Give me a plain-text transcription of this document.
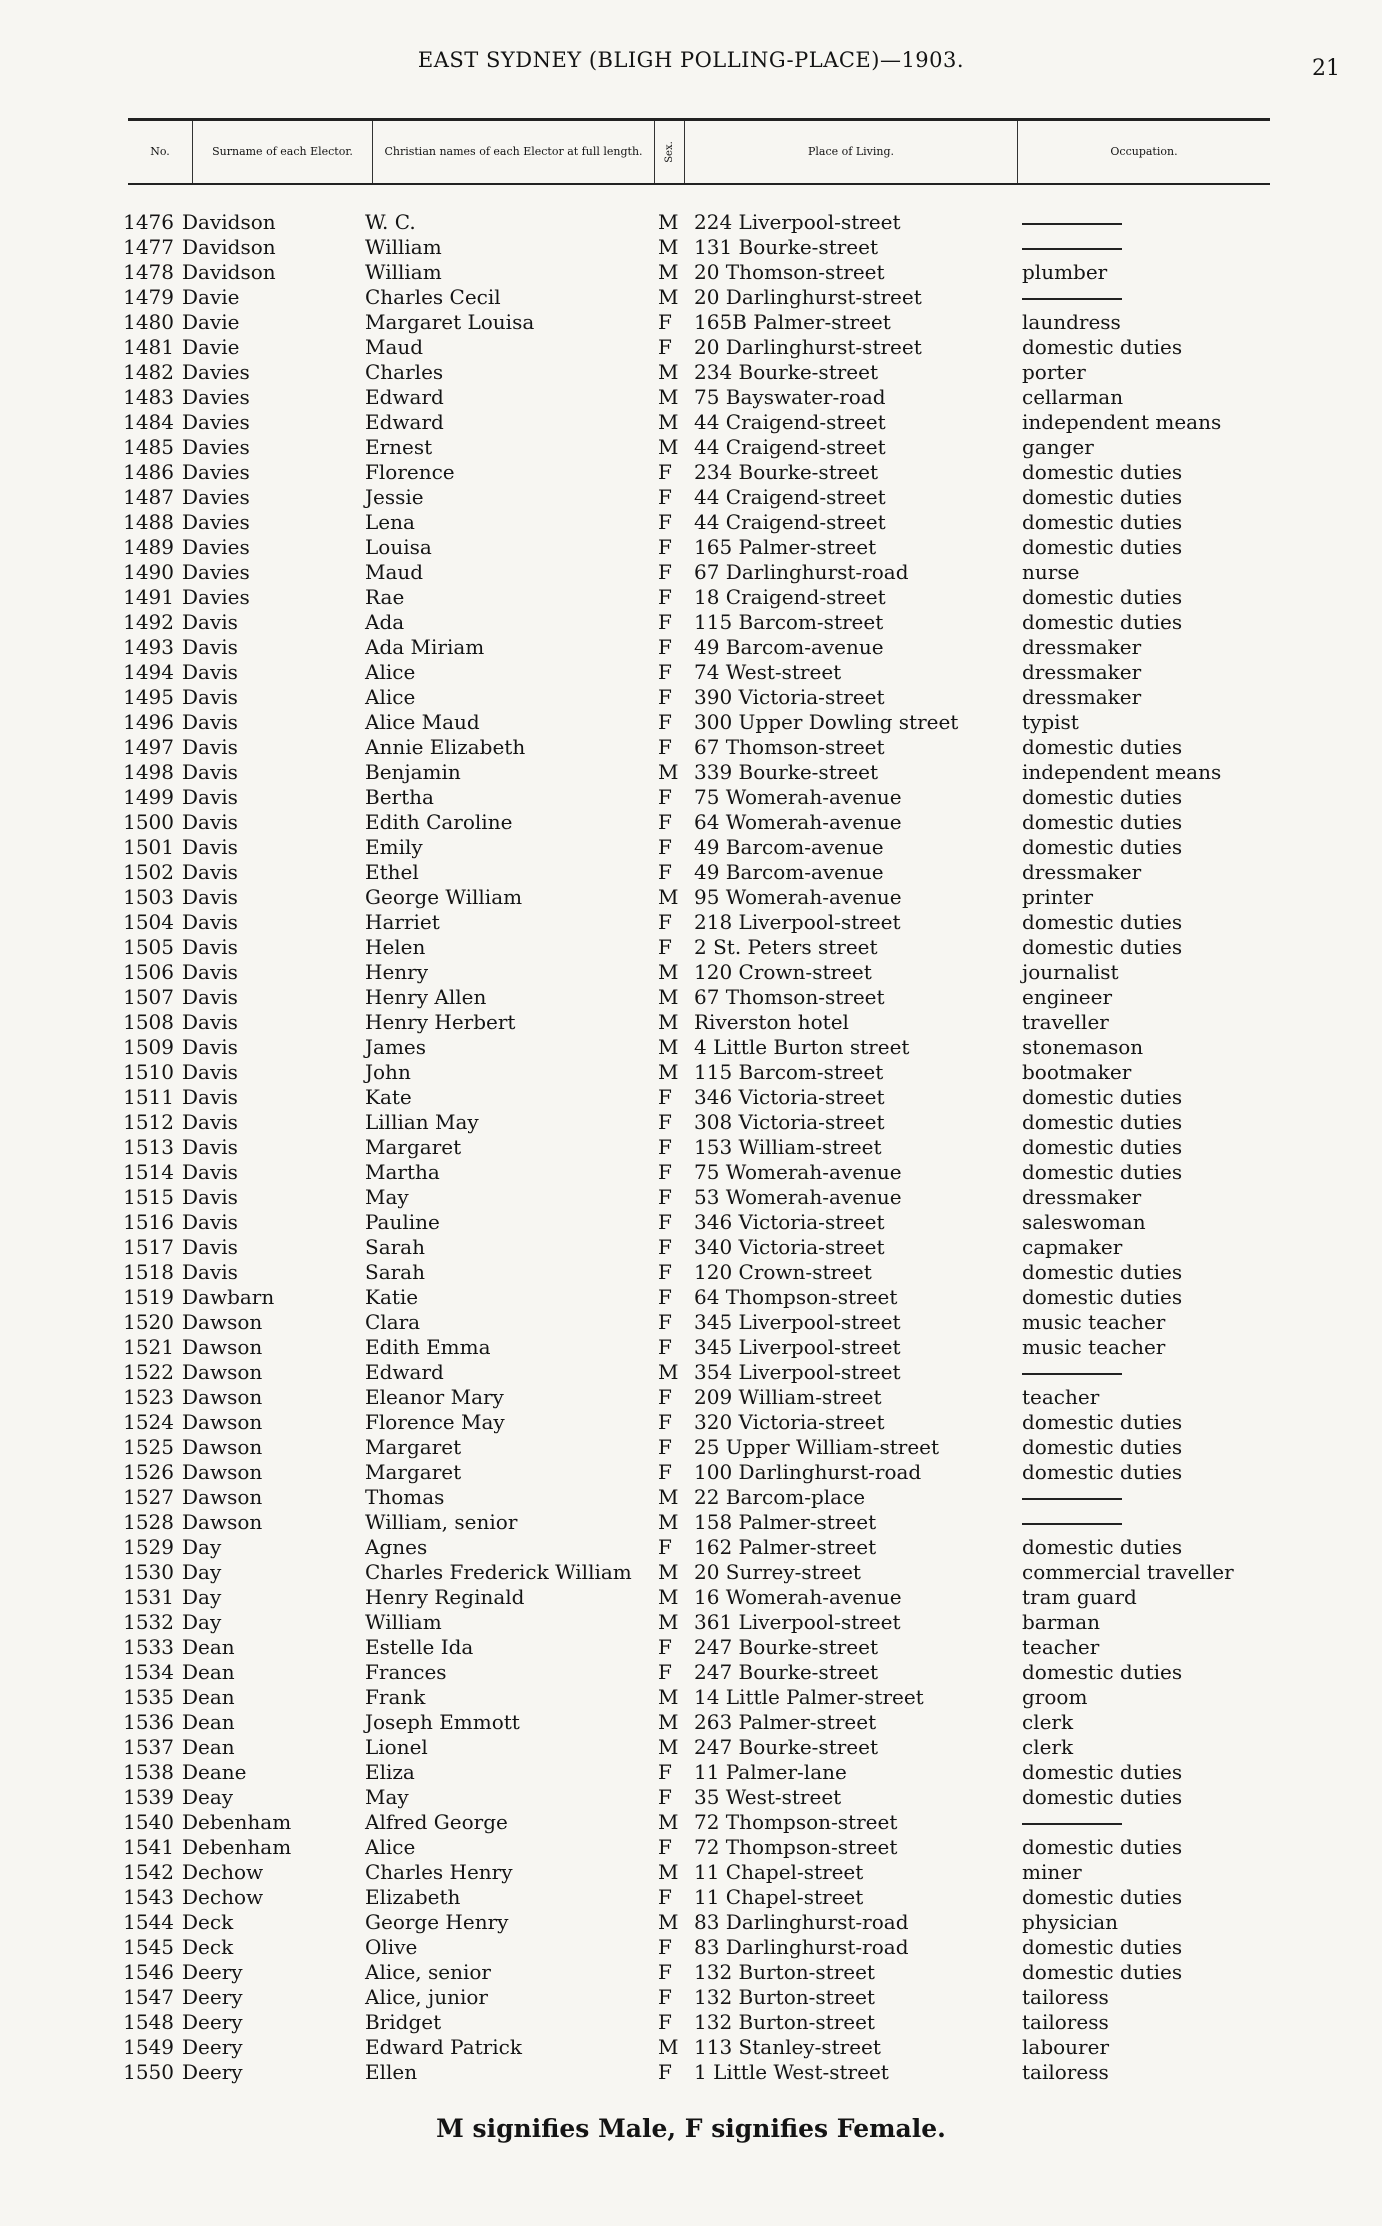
EAST SYDNEY (BLIGH POLLING-PLACE)—1903.	21
No.	Surname of each Elector.	Christian names of each Elector at full length.	Sex.	Place of Living.	Occupation.
1476 Davidson	W. C.	M 224 Liverpool-street
1477 Davidson	William	M 131 Bourke-street
1478 Davidson	William	M 20 Thomson-street	plumber
1479 Davie	Charles Cecil	M 20 Darlinghurst-street
1480 Davie	Margaret Louisa	F 165B Palmer-street	laundress
1481 Davie	Maud	F 20 Darlinghurst-street	domestic duties
1482 Davies	Charles	M 234 Bourke-street	porter
1483 Davies	Edward	M 75 Bayswater-road	cellarman
1484 Davies	Edward	M 44 Craigend-street	independent means
1485 Davies	Ernest	M 44 Craigend-street	ganger
1486 Davies	Florence	F 234 Bourke-street	domestic duties
1487 Davies	Jessie	F 44 Craigend-street	domestic duties
1488 Davies	Lena	F 44 Craigend-street	domestic duties
1489 Davies	Louisa	F 165 Palmer-street	domestic duties
1490 Davies	Maud	F 67 Darlinghurst-road	nurse
1491 Davies	Rae	F 18 Craigend-street	domestic duties
1492 Davis	Ada	F 115 Barcom-street	domestic duties
1493 Davis	Ada Miriam	F 49 Barcom-avenue	dressmaker
1494 Davis	Alice	F 74 West-street	dressmaker
1495 Davis	Alice	F 390 Victoria-street	dressmaker
1496 Davis	Alice Maud	F 300 Upper Dowling street	typist
1497 Davis	Annie Elizabeth	F 67 Thomson-street	domestic duties
1498 Davis	Benjamin	M 339 Bourke-street	independent means
1499 Davis	Bertha	F 75 Womerah-avenue	domestic duties
1500 Davis	Edith Caroline	F 64 Womerah-avenue	domestic duties
1501 Davis	Emily	F 49 Barcom-avenue	domestic duties
1502 Davis	Ethel	F 49 Barcom-avenue	dressmaker
1503 Davis	George William	M 95 Womerah-avenue	printer
1504 Davis	Harriet	F 218 Liverpool-street	domestic duties
1505 Davis	Helen	F 2 St. Peters street	domestic duties
1506 Davis	Henry	M 120 Crown-street	journalist
1507 Davis	Henry Allen	M 67 Thomson-street	engineer
1508 Davis	Henry Herbert	M Riverston hotel	traveller
1509 Davis	James	M 4 Little Burton street	stonemason
1510 Davis	John	M 115 Barcom-street	bootmaker
1511 Davis	Kate	F 346 Victoria-street	domestic duties
1512 Davis	Lillian May	F 308 Victoria-street	domestic duties
1513 Davis	Margaret	F 153 William-street	domestic duties
1514 Davis	Martha	F 75 Womerah-avenue	domestic duties
1515 Davis	May	F 53 Womerah-avenue	dressmaker
1516 Davis	Pauline	F 346 Victoria-street	saleswoman
1517 Davis	Sarah	F 340 Victoria-street	capmaker
1518 Davis	Sarah	F 120 Crown-street	domestic duties
1519 Dawbarn	Katie	F 64 Thompson-street	domestic duties
1520 Dawson	Clara	F 345 Liverpool-street	music teacher
1521 Dawson	Edith Emma	F 345 Liverpool-street	music teacher
1522 Dawson	Edward	M 354 Liverpool-street
1523 Dawson	Eleanor Mary	F 209 William-street	teacher
1524 Dawson	Florence May	F 320 Victoria-street	domestic duties
1525 Dawson	Margaret	F 25 Upper William-street	domestic duties
1526 Dawson	Margaret	F 100 Darlinghurst-road	domestic duties
1527 Dawson	Thomas	M 22 Barcom-place
1528 Dawson	William, senior	M 158 Palmer-street
1529 Day	Agnes	F 162 Palmer-street	domestic duties
1530 Day	Charles Frederick William M 20 Surrey-street	commercial traveller
1531 Day	Henry Reginald	M 16 Womerah-avenue	tram guard
1532 Day	William	M 361 Liverpool-street	barman
1533 Dean	Estelle Ida	F 247 Bourke-street	teacher
1534 Dean	Frances	F 247 Bourke-street	domestic duties
1535 Dean	Frank	M 14 Little Palmer-street	groom
1536 Dean	Joseph Emmott	M 263 Palmer-street	clerk
1537 Dean	Lionel	M 247 Bourke-street	clerk
1538 Deane	Eliza	F 11 Palmer-lane	domestic duties
1539 Deay	May	F 35 West-street	domestic duties
1540 Debenham	Alfred George	M 72 Thompson-street
1541 Debenham	Alice	F 72 Thompson-street	domestic duties
1542 Dechow	Charles Henry	M 11 Chapel-street	miner
1543 Dechow	Elizabeth	F 11 Chapel-street	domestic duties
1544 Deck	George Henry	M 83 Darlinghurst-road	physician
1545 Deck	Olive	F 83 Darlinghurst-road	domestic duties
1546 Deery	Alice, senior	F 132 Burton-street	domestic duties
1547 Deery	Alice, junior	F 132 Burton-street	tailoress
1548 Deery	Bridget	F 132 Burton-street	tailoress
1549 Deery	Edward Patrick	M 113 Stanley-street	labourer
1550 Deery	Ellen	F 1 Little West-street	tailoress
M signifies Male, F signifies Female.
